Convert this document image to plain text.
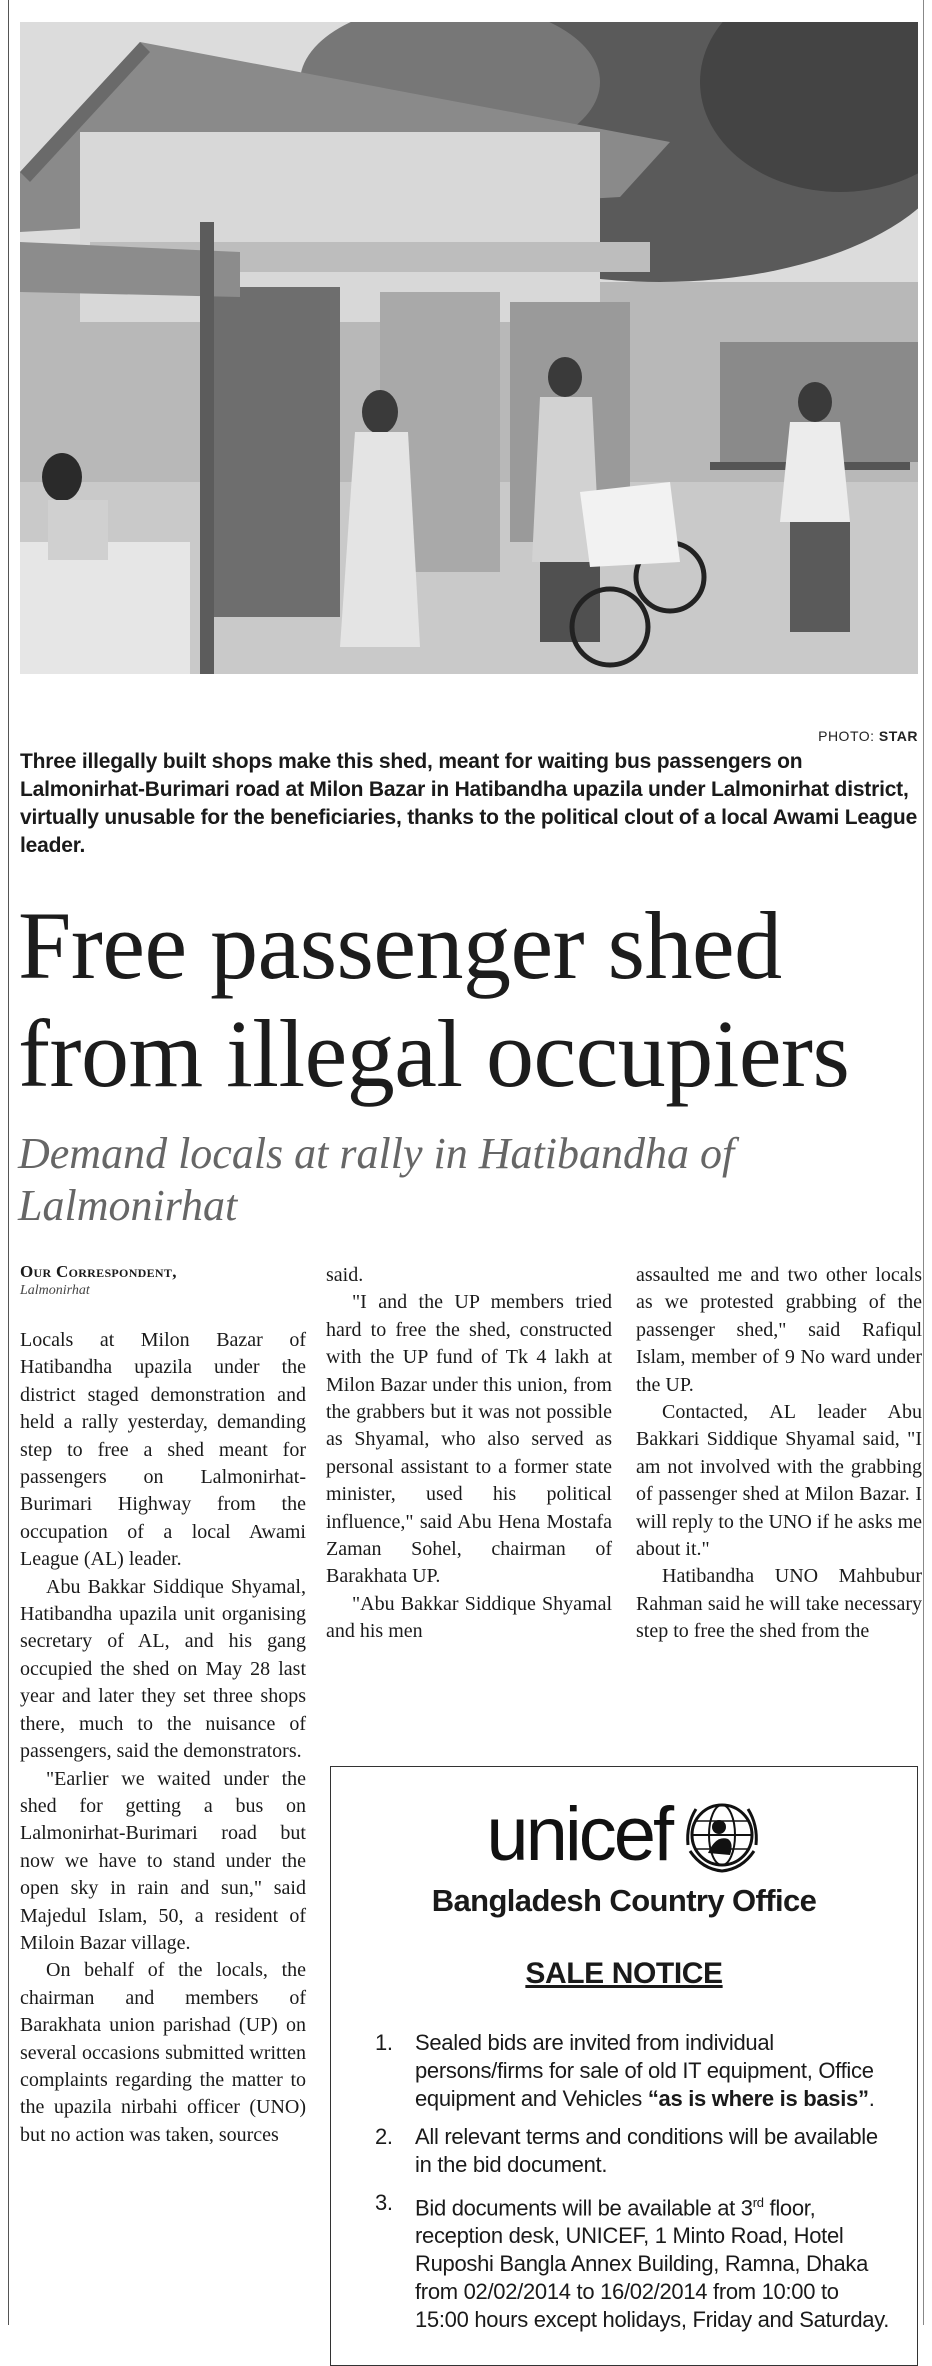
PHOTO: STAR
Three illegally built shops make this shed, meant for waiting bus passengers on Lalmonirhat-Burimari road at Milon Bazar in Hatibandha upazila under Lalmonirhat district, virtually unusable for the beneficiaries, thanks to the political clout of a local Awami League leader.
Free passenger shed from illegal occupiers
Demand locals at rally in Hatibandha of Lalmonirhat
Our Correspondent,
Lalmonirhat

Locals at Milon Bazar of Hatibandha upazila under the district staged demonstration and held a rally yesterday, demanding step to free a shed meant for passengers on Lalmonirhat-Burimari Highway from the occupation of a local Awami League (AL) leader.

Abu Bakkar Siddique Shyamal, Hatibandha upazila unit organising secretary of AL, and his gang occupied the shed on May 28 last year and later they set three shops there, much to the nuisance of passengers, said the demonstrators.

"Earlier we waited under the shed for getting a bus on Lalmonirhat-Burimari road but now we have to stand under the open sky in rain and sun," said Majedul Islam, 50, a resident of Miloin Bazar village.

On behalf of the locals, the chairman and members of Barakhata union parishad (UP) on several occasions submitted written complaints regarding the matter to the upazila nirbahi officer (UNO) but no action was taken, sources

said.

"I and the UP members tried hard to free the shed, constructed with the UP fund of Tk 4 lakh at Milon Bazar under this union, from the grabbers but it was not possible as Shyamal, who also served as personal assistant to a former state minister, used his political influence," said Abu Hena Mostafa Zaman Sohel, chairman of Barakhata UP.

"Abu Bakkar Siddique Shyamal and his men

assaulted me and two other locals as we protested grabbing of the passenger shed," said Rafiqul Islam, member of 9 No ward under the UP.

Contacted, AL leader Abu Bakkari Siddique Shyamal said, "I am not involved with the grabbing of passenger shed at Milon Bazar. I will reply to the UNO if he asks me about it."

Hatibandha UNO Mahbubur Rahman said he will take necessary step to free the shed from the

unicef
Bangladesh Country Office
SALE NOTICE
1.	Sealed bids are invited from individual persons/firms for sale of old IT equipment, Office equipment and Vehicles “as is where is basis”.
2.	All relevant terms and conditions will be available in the bid document.
3.	Bid documents will be available at 3rd floor, reception desk, UNICEF, 1 Minto Road, Hotel Ruposhi Bangla Annex Building, Ramna, Dhaka from 02/02/2014 to 16/02/2014 from 10:00 to 15:00 hours except holidays, Friday and Saturday.
